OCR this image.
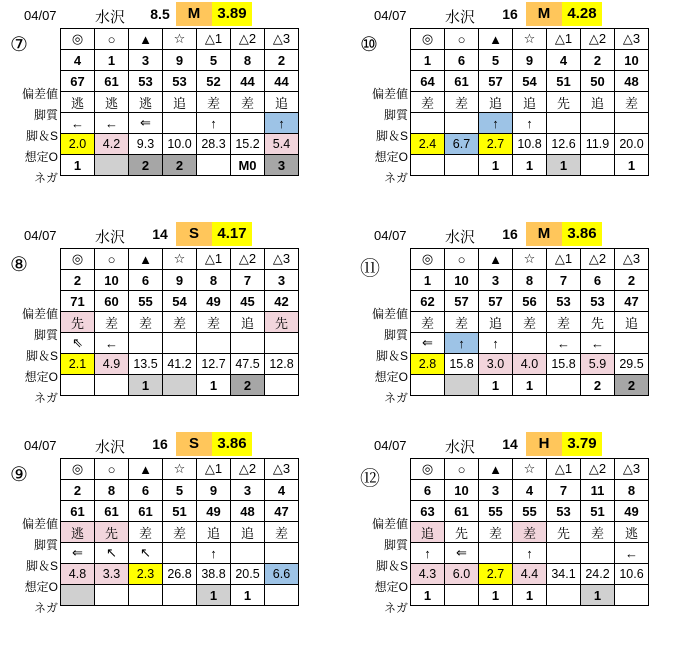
04/07	水沢 8.5	M	3.89
⑦
偏差値
脚質
脚＆S
想定O
ネガ
◎	○	▲	☆	△1	△2	△3
4	1	3	9	5	8	2
67	61	53	53	52	44	44
逃	逃	逃	追	差	差	追
←	←	⇐		↑		↑
2.0	4.2	9.3	10.0	28.3	15.2	5.4
1		2	2		M0	3
04/07	水沢	16	M	4.28
⑩
偏差値
脚質
脚＆S
想定O
ネガ
◎	○	▲	☆	△1	△2	△3
1	6	5	9	4	2	10
64	61	57	54	51	50	48
差	差	追	追	先	追	差
		↑	↑			
2.4	6.7	2.7	10.8	12.6	11.9	20.0
		1	1	1		1
04/07	水沢	14	S	4.17
⑧
偏差値
脚質
脚＆S
想定O
ネガ
◎	○	▲	☆	△1	△2	△3
2	10	6	9	8	7	3
71	60	55	54	49	45	42
先	差	差	差	差	追	先
⇖	←					
2.1	4.9	13.5	41.2	12.7	47.5	12.8
		1		1	2	
04/07	水沢	16	M	3.86
⑪
偏差値
脚質
脚＆S
想定O
ネガ
◎	○	▲	☆	△1	△2	△3
1	10	3	8	7	6	2
62	57	57	56	53	53	47
差	差	追	差	差	先	追
⇐	↑	↑		←	←	
2.8	15.8	3.0	4.0	15.8	5.9	29.5
		1	1		2	2
04/07	水沢	16	S	3.86
⑨
偏差値
脚質
脚＆S
想定O
ネガ
◎	○	▲	☆	△1	△2	△3
2	8	6	5	9	3	4
61	61	61	51	49	48	47
逃	先	差	差	追	追	差
⇐	↖	↖		↑		
4.8	3.3	2.3	26.8	38.8	20.5	6.6
				1	1	
04/07	水沢	14	H	3.79
⑫
偏差値
脚質
脚＆S
想定O
ネガ
◎	○	▲	☆	△1	△2	△3
6	10	3	4	7	11	8
63	61	55	55	53	51	49
追	先	差	差	先	差	逃
↑	⇐		↑			←
4.3	6.0	2.7	4.4	34.1	24.2	10.6
1		1	1		1	
